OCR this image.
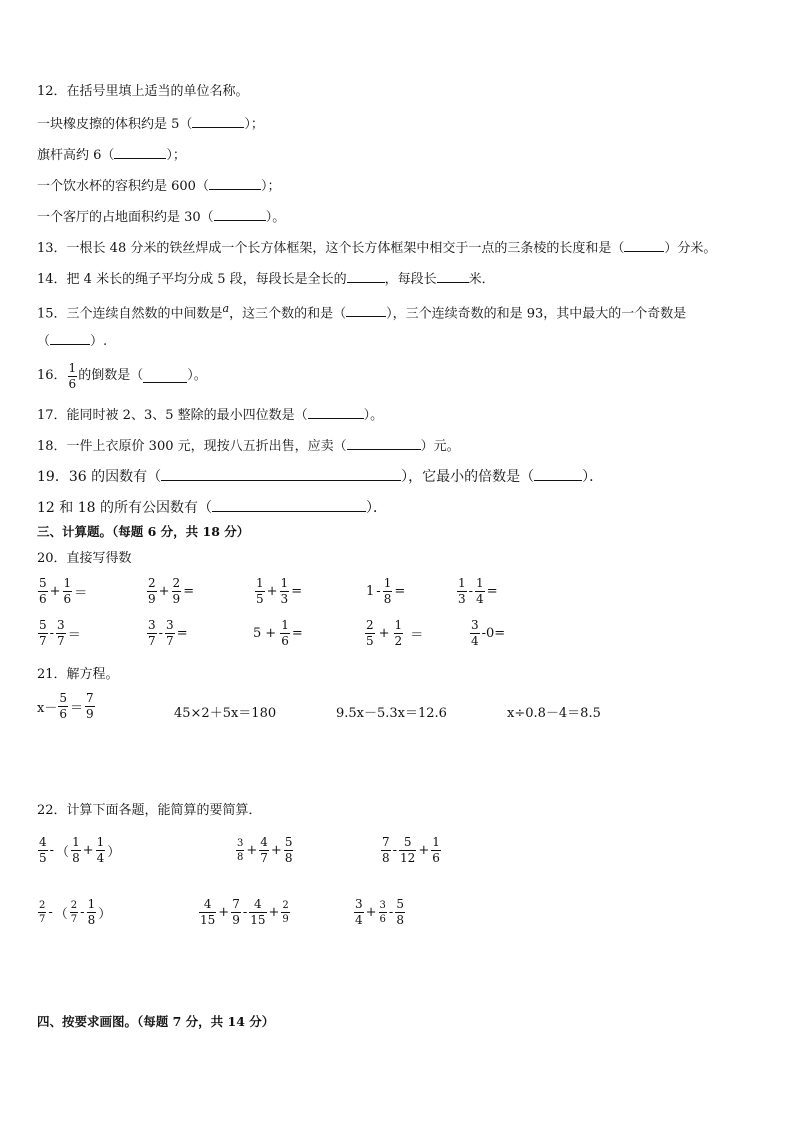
12．在括号里填上适当的单位名称。
一块橡皮擦的体积约是 5（	）；
旗杆高约 6（	）；
一个饮水杯的容积约是 600（	）；
一个客厅的占地面积约是 30（	）。
13．一根长 48 分米的铁丝焊成一个长方体框架，这个长方体框架中相交于一点的三条棱的长度和是（	）分米。
14．把 4 米长的绳子平均分成 5 段，每段长是全长的	，每段长 米．
15．三个连续自然数的中间数是$^a$，这三个数的和是（	），三个连续奇数的和是 93，其中最大的一个奇数是
（	）.
16． $\frac{1}{6}$ 的倒数是（	）。
17．能同时被 2、3、5 整除的最小四位数是（	）。
18．一件上衣原价 300 元，现按八五折出售，应卖（	）元。
19．36 的因数有（	），它最小的倍数是（	）．
12 和 18 的所有公因数有（	）．
三、计算题。（每题 6 分，共 18 分）
20．直接写得数
$\frac{5}{6} + \frac{1}{6}$ ＝	$\frac{2}{9} + \frac{2}{9}$ =	$\frac{1}{5} + \frac{1}{3}$ =	$1 - \frac{1}{8}$ =	$\frac{1}{3} - \frac{1}{4}$ =
$\frac{5}{7} - \frac{3}{7}$ ＝	$\frac{3}{7} - \frac{3}{7}$ =	$5 + \frac{1}{6}$ =	$\frac{2}{5} + \frac{1}{2}$ ＝	$\frac{3}{4} -0=$
21．解方程。
$x- \frac{5}{6} = \frac{7}{9}$	45×2＋5x＝180	9.5x－5.3x＝12.6	x÷0.8－4＝8.5
22．计算下面各题，能简算的要简算．
$\frac{4}{5}$ - （ $\frac{1}{8} + \frac{1}{4}$ ）	$\frac{3}{8} + \frac{4}{7} + \frac{5}{8}$	$\frac{7}{8} - \frac{5}{12} + \frac{1}{6}$
$\frac{2}{7}$ - （ $\frac{2}{7} - \frac{1}{8}$ ）	$\frac{4}{15} + \frac{7}{9} - \frac{4}{15} + \frac{2}{9}$	$\frac{3}{4} + \frac{3}{6} - \frac{5}{8}$
四、按要求画图。（每题 7 分，共 14 分）
